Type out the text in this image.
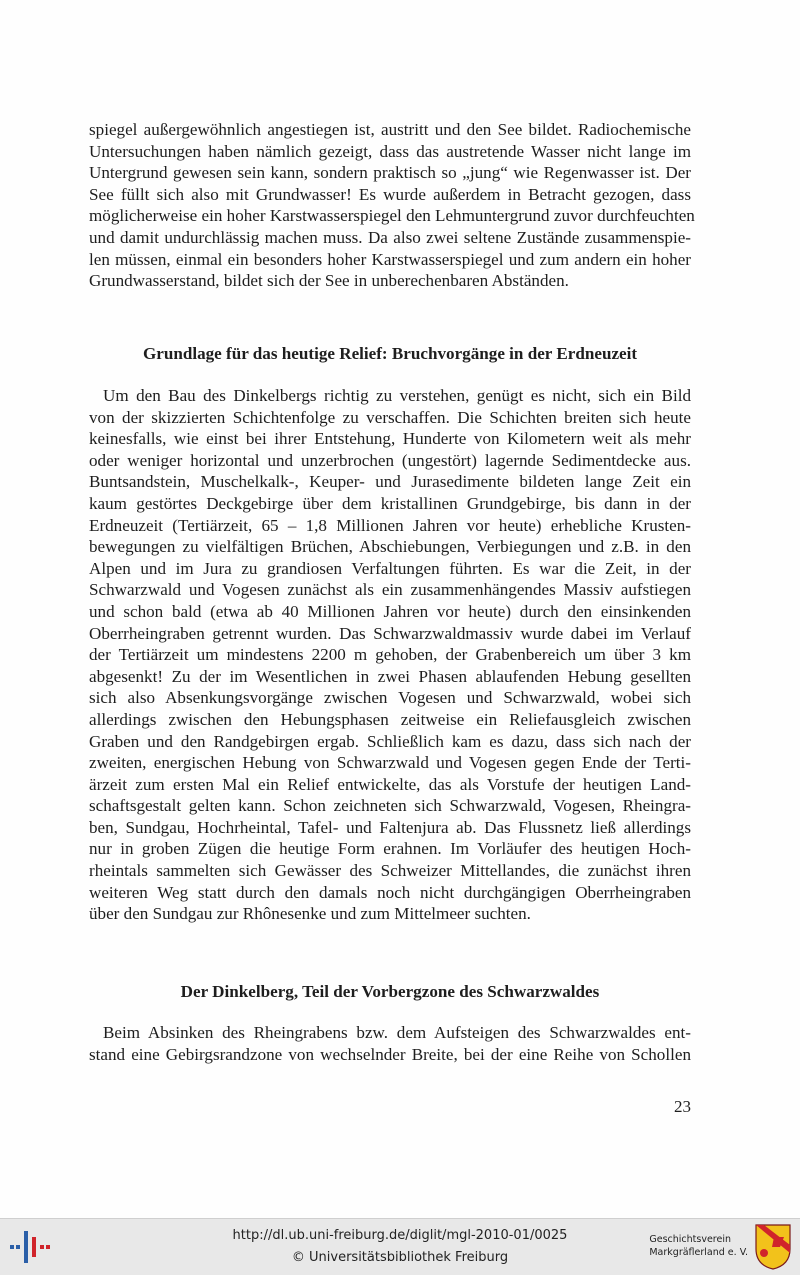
spiegel außergewöhnlich angestiegen ist, austritt und den See bildet. Radiochemische
Untersuchungen haben nämlich gezeigt, dass das austretende Wasser nicht lange im
Untergrund gewesen sein kann, sondern praktisch so „jung“ wie Regenwasser ist. Der
See füllt sich also mit Grundwasser! Es wurde außerdem in Betracht gezogen, dass
möglicherweise ein hoher Karstwasserspiegel den Lehmuntergrund zuvor durchfeuchten
und damit undurchlässig machen muss. Da also zwei seltene Zustände zusammenspie-
len müssen, einmal ein besonders hoher Karstwasserspiegel und zum andern ein hoher
Grundwasserstand, bildet sich der See in unberechenbaren Abständen.
Grundlage für das heutige Relief: Bruchvorgänge in der Erdneuzeit
Um den Bau des Dinkelbergs richtig zu verstehen, genügt es nicht, sich ein Bild
von der skizzierten Schichtenfolge zu verschaffen. Die Schichten breiten sich heute
keinesfalls, wie einst bei ihrer Entstehung, Hunderte von Kilometern weit als mehr
oder weniger horizontal und unzerbrochen (ungestört) lagernde Sedimentdecke aus.
Buntsandstein, Muschelkalk-, Keuper- und Jurasedimente bildeten lange Zeit ein
kaum gestörtes Deckgebirge über dem kristallinen Grundgebirge, bis dann in der
Erdneuzeit (Tertiärzeit, 65 – 1,8 Millionen Jahren vor heute) erhebliche Krusten-
bewegungen zu vielfältigen Brüchen, Abschiebungen, Verbiegungen und z.B. in den
Alpen und im Jura zu grandiosen Verfaltungen führten. Es war die Zeit, in der
Schwarzwald und Vogesen zunächst als ein zusammenhängendes Massiv aufstiegen
und schon bald (etwa ab 40 Millionen Jahren vor heute) durch den einsinkenden
Oberrheingraben getrennt wurden. Das Schwarzwaldmassiv wurde dabei im Verlauf
der Tertiärzeit um mindestens 2200 m gehoben, der Grabenbereich um über 3 km
abgesenkt! Zu der im Wesentlichen in zwei Phasen ablaufenden Hebung gesellten
sich also Absenkungsvorgänge zwischen Vogesen und Schwarzwald, wobei sich
allerdings zwischen den Hebungsphasen zeitweise ein Reliefausgleich zwischen
Graben und den Randgebirgen ergab. Schließlich kam es dazu, dass sich nach der
zweiten, energischen Hebung von Schwarzwald und Vogesen gegen Ende der Terti-
ärzeit zum ersten Mal ein Relief entwickelte, das als Vorstufe der heutigen Land-
schaftsgestalt gelten kann. Schon zeichneten sich Schwarzwald, Vogesen, Rheingra-
ben, Sundgau, Hochrheintal, Tafel- und Faltenjura ab. Das Flussnetz ließ allerdings
nur in groben Zügen die heutige Form erahnen. Im Vorläufer des heutigen Hoch-
rheintals sammelten sich Gewässer des Schweizer Mittellandes, die zunächst ihren
weiteren Weg statt durch den damals noch nicht durchgängigen Oberrheingraben
über den Sundgau zur Rhônesenke und zum Mittelmeer suchten.
Der Dinkelberg, Teil der Vorbergzone des Schwarzwaldes
Beim Absinken des Rheingrabens bzw. dem Aufsteigen des Schwarzwaldes ent-
stand eine Gebirgsrandzone von wechselnder Breite, bei der eine Reihe von Schollen
23
http://dl.ub.uni-freiburg.de/diglit/mgl-2010-01/0025
© Universitätsbibliothek Freiburg
Geschichtsverein
Markgräflerland e. V.
